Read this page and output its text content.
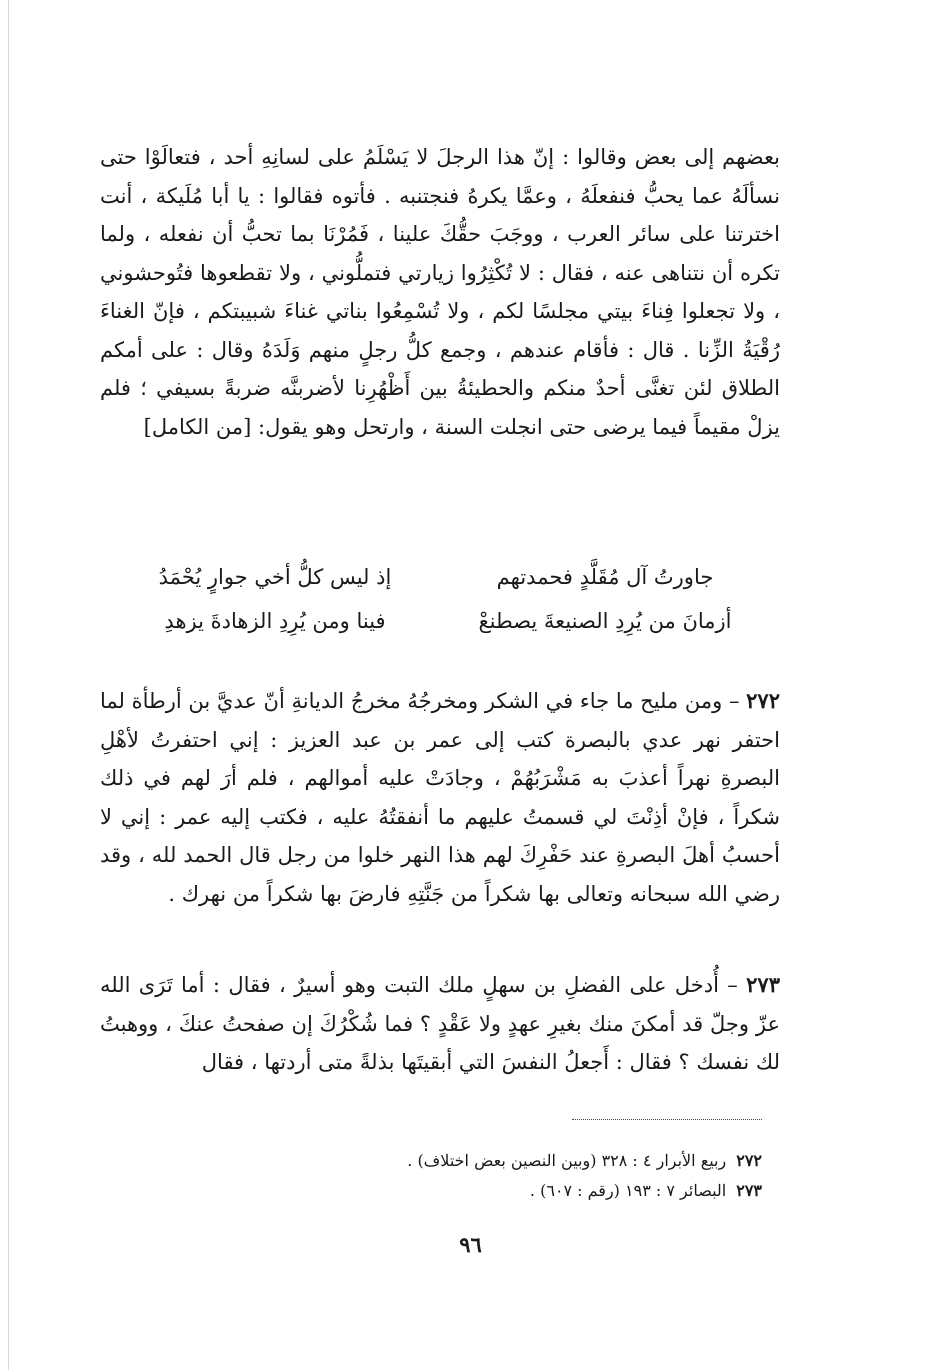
بعضهم إلى بعض وقالوا : إنّ هذا الرجلَ لا يَسْلَمُ على لسانِهِ أحد ، فتعالَوْا حتى نسألَهُ عما يحبُّ فنفعلَهُ ، وعمَّا يكرهُ فنجتنبه . فأتوه فقالوا : يا أبا مُلَيكة ، أنت اخترتنا على سائر العرب ، ووجَبَ حقُّكَ علينا ، فَمُرْنَا بما تحبُّ أن نفعله ، ولما تكره أن نتناهى عنه ، فقال : لا تُكْثِرُوا زيارتي فتملُّوني ، ولا تقطعوها فتُوحشوني ، ولا تجعلوا فِناءَ بيتي مجلسًا لكم ، ولا تُسْمِعُوا بناتي غناءَ شبيبتكم ، فإنّ الغناءَ رُقْيَةُ الزِّنا . قال : فأقام عندهم ، وجمع كلُّ رجلٍ منهم وَلَدَهُ وقال : على أمكم الطلاق لئن تغنَّى أحدٌ منكم والحطيئةُ بين أَظْهُرِنا لأضربنَّه ضربةً بسيفي ؛ فلم يزلْ مقيماً فيما يرضى حتى انجلت السنة ، وارتحل وهو يقول: [من الكامل]

جاورتُ آل مُقَلَّدٍ فحمدتهم
إذ ليس كلُّ أخي جوارٍ يُحْمَدُ
أزمانَ من يُرِدِ الصنيعةَ يصطنعْ
فينا ومن يُرِدِ الزهادةَ يزهدِ

٢٧٢ – ومن مليح ما جاء في الشكر ومخرجُهُ مخرجُ الديانةِ أنّ عديَّ بن أرطأة لما احتفر نهر عدي بالبصرة كتب إلى عمر بن عبد العزيز : إني احتفرتُ لأهْلِ البصرةِ نهراً أعذبَ به مَشْرَبُهُمْ ، وجادَتْ عليه أموالهم ، فلم أرَ لهم في ذلك شكراً ، فإنْ أذِنْتَ لي قسمتُ عليهم ما أنفقتُهُ عليه ، فكتب إليه عمر : إني لا أحسبُ أهلَ البصرةِ عند حَفْرِكَ لهم هذا النهر خلوا من رجل قال الحمد لله ، وقد رضي الله سبحانه وتعالى بها شكراً من جَنَّتِهِ فارضَ بها شكراً من نهرك .

٢٧٣ – أُدخل على الفضلِ بن سهلٍ ملك التبت وهو أسيرٌ ، فقال : أما تَرَى الله عزّ وجلّ قد أمكنَ منك بغيرِ عهدٍ ولا عَقْدٍ ؟ فما شُكْرُكَ إن صفحتُ عنكَ ، ووهبتُ لك نفسك ؟ فقال : أَجعلُ النفسَ التي أبقيتَها بذلةً متى أردتها ، فقال

٢٧٢ربيع الأبرار ٤ : ٣٢٨ (وبين النصين بعض اختلاف) .
٢٧٣البصائر ٧ : ١٩٣ (رقم : ٦٠٧) .
٩٦
